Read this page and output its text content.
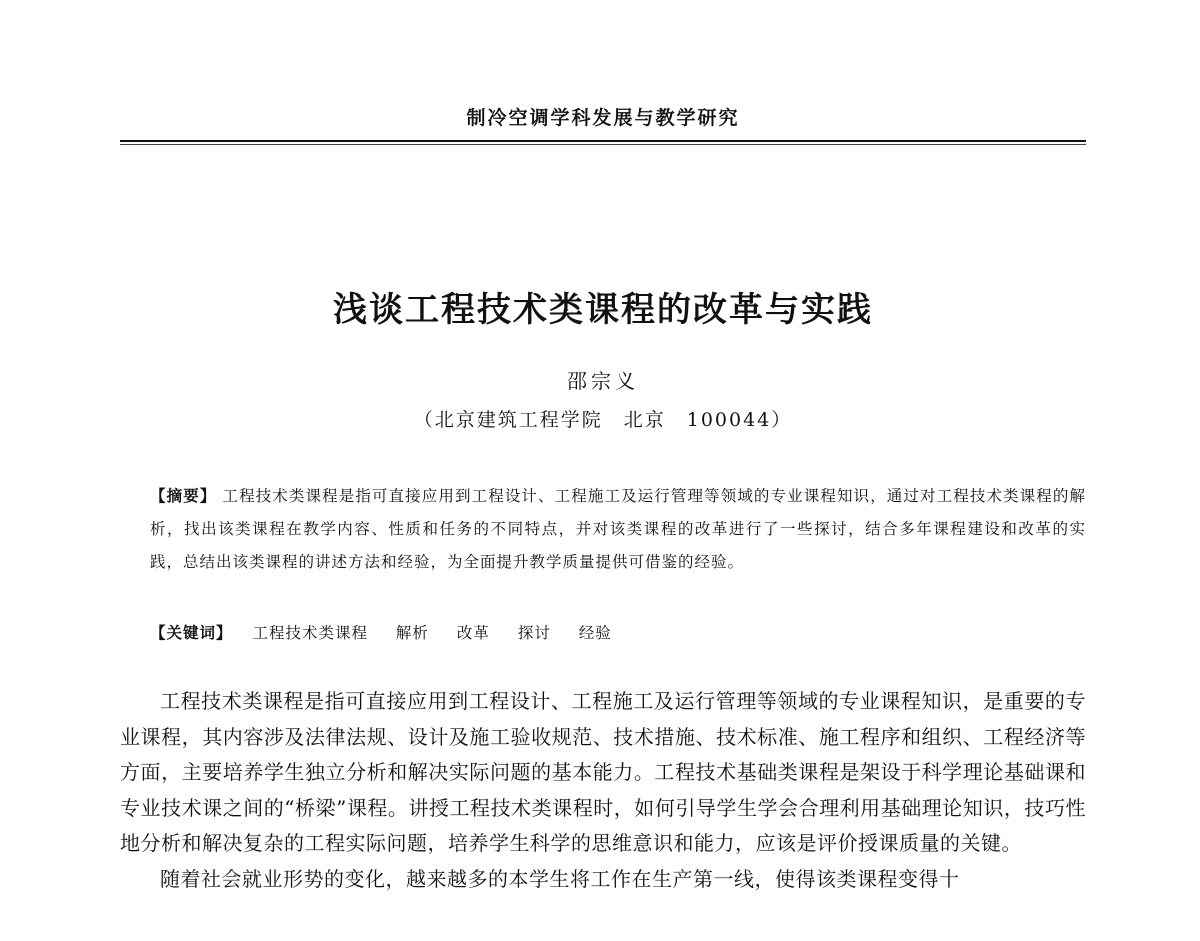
制冷空调学科发展与教学研究
浅谈工程技术类课程的改革与实践
邵宗义
（北京建筑工程学院　北京　100044）
【摘要】 工程技术类课程是指可直接应用到工程设计、工程施工及运行管理等领域的专业课程知识，通过对工程技术类课程的解析，找出该类课程在教学内容、性质和任务的不同特点，并对该类课程的改革进行了一些探讨，结合多年课程建设和改革的实践，总结出该类课程的讲述方法和经验，为全面提升教学质量提供可借鉴的经验。
【关键词】 工程技术类课程 解析 改革 探讨 经验

工程技术类课程是指可直接应用到工程设计、工程施工及运行管理等领域的专业课程知识，是重要的专业课程，其内容涉及法律法规、设计及施工验收规范、技术措施、技术标准、施工程序和组织、工程经济等方面，主要培养学生独立分析和解决实际问题的基本能力。工程技术基础类课程是架设于科学理论基础课和专业技术课之间的“桥梁”课程。讲授工程技术类课程时，如何引导学生学会合理利用基础理论知识，技巧性地分析和解决复杂的工程实际问题，培养学生科学的思维意识和能力，应该是评价授课质量的关键。

随着社会就业形势的变化，越来越多的本学生将工作在生产第一线，使得该类课程变得十
